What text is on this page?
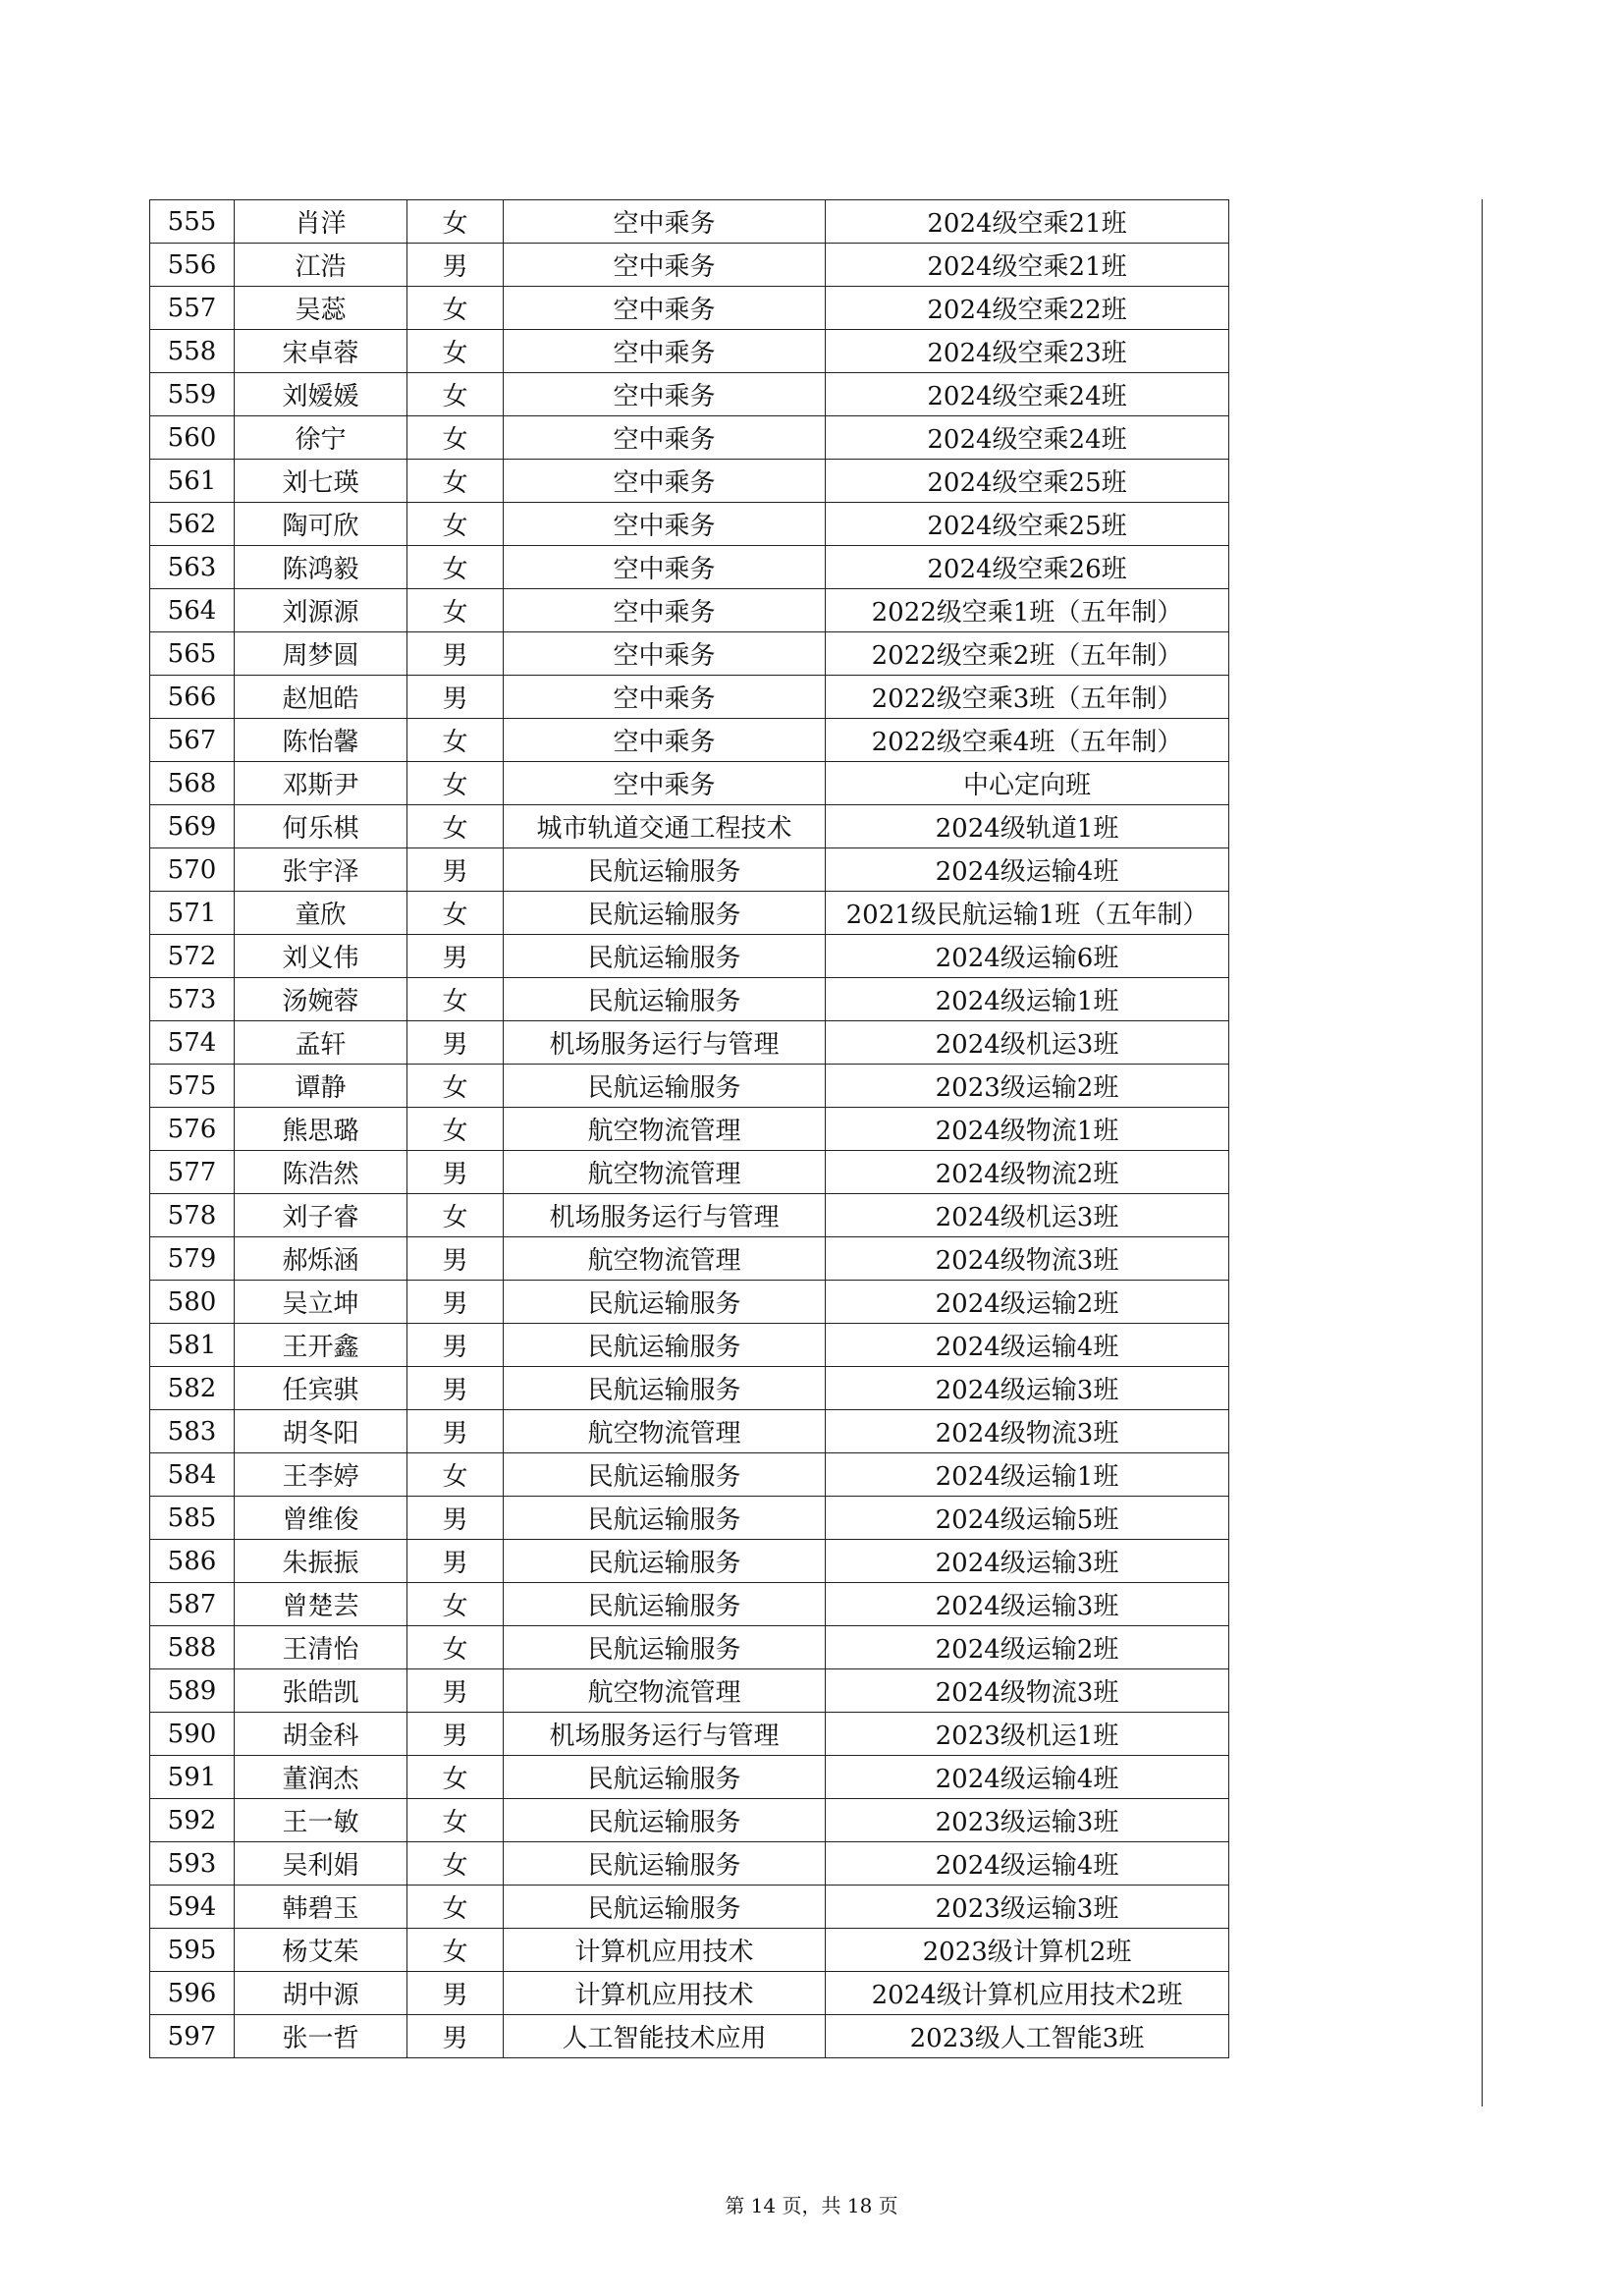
555	肖洋	女	空中乘务	2024级空乘21班
556	江浩	男	空中乘务	2024级空乘21班
557	吴蕊	女	空中乘务	2024级空乘22班
558	宋卓蓉	女	空中乘务	2024级空乘23班
559	刘嫒媛	女	空中乘务	2024级空乘24班
560	徐宁	女	空中乘务	2024级空乘24班
561	刘七瑛	女	空中乘务	2024级空乘25班
562	陶可欣	女	空中乘务	2024级空乘25班
563	陈鸿毅	女	空中乘务	2024级空乘26班
564	刘源源	女	空中乘务	2022级空乘1班（五年制）
565	周梦圆	男	空中乘务	2022级空乘2班（五年制）
566	赵旭皓	男	空中乘务	2022级空乘3班（五年制）
567	陈怡馨	女	空中乘务	2022级空乘4班（五年制）
568	邓斯尹	女	空中乘务	中心定向班
569	何乐棋	女	城市轨道交通工程技术	2024级轨道1班
570	张宇泽	男	民航运输服务	2024级运输4班
571	童欣	女	民航运输服务	2021级民航运输1班（五年制）
572	刘义伟	男	民航运输服务	2024级运输6班
573	汤婉蓉	女	民航运输服务	2024级运输1班
574	孟轩	男	机场服务运行与管理	2024级机运3班
575	谭静	女	民航运输服务	2023级运输2班
576	熊思璐	女	航空物流管理	2024级物流1班
577	陈浩然	男	航空物流管理	2024级物流2班
578	刘子睿	女	机场服务运行与管理	2024级机运3班
579	郝烁涵	男	航空物流管理	2024级物流3班
580	吴立坤	男	民航运输服务	2024级运输2班
581	王开鑫	男	民航运输服务	2024级运输4班
582	任宾骐	男	民航运输服务	2024级运输3班
583	胡冬阳	男	航空物流管理	2024级物流3班
584	王李婷	女	民航运输服务	2024级运输1班
585	曾维俊	男	民航运输服务	2024级运输5班
586	朱振振	男	民航运输服务	2024级运输3班
587	曾楚芸	女	民航运输服务	2024级运输3班
588	王清怡	女	民航运输服务	2024级运输2班
589	张皓凯	男	航空物流管理	2024级物流3班
590	胡金科	男	机场服务运行与管理	2023级机运1班
591	董润杰	女	民航运输服务	2024级运输4班
592	王一敏	女	民航运输服务	2023级运输3班
593	吴利娟	女	民航运输服务	2024级运输4班
594	韩碧玉	女	民航运输服务	2023级运输3班
595	杨艾茱	女	计算机应用技术	2023级计算机2班
596	胡中源	男	计算机应用技术	2024级计算机应用技术2班
597	张一哲	男	人工智能技术应用	2023级人工智能3班
第 14 页，共 18 页
